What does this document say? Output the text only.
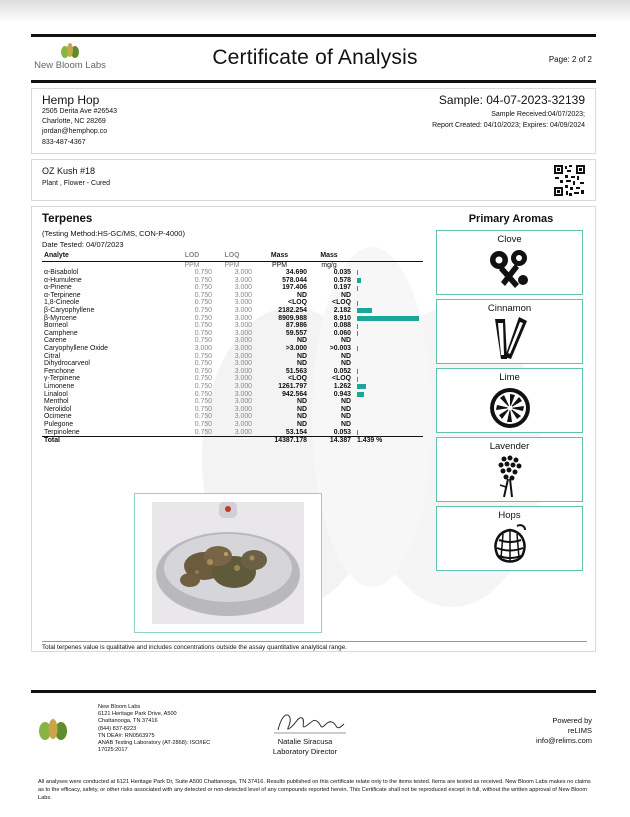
New Bloom Labs	Certificate of Analysis	Page: 2 of 2
Hemp Hop
2505 Derita Ave #26543
Charlotte, NC 28269
jordan@hemphop.co
833-487-4367
Sample: 04-07-2023-32139
Sample Received:04/07/2023;
Report Created: 04/10/2023; Expires: 04/09/2024
OZ Kush #18
Plant , Flower - Cured
Terpenes
(Testing Method:HS-GC/MS, CON-P-4000)
Date Tested: 04/07/2023
Analyte	LOD	LOQ	Mass	Mass	
	PPM	PPM	PPM	mg/g	
α-Bisabolol	0.750	3.000	34.690	0.035	

α-Humulene	0.750	3.000	578.044	0.578	

α-Pinene	0.750	3.000	197.406	0.197	

α-Terpinene	0.750	3.000	ND	ND	

1,8-Cineole	0.750	3.000	<LOQ	<LOQ	

β-Caryophyllene	0.750	3.000	2182.254	2.182	

β-Myrcene	0.750	3.000	8909.988	8.910	

Borneol	0.750	3.000	87.986	0.088	

Camphene	0.750	3.000	59.557	0.060	

Carene	0.750	3.000	ND	ND	

Caryophyllene Oxide	3.000	3.000	>3.000	>0.003	

Citral	0.750	3.000	ND	ND	

Dihydrocarveol	0.750	3.000	ND	ND	

Fenchone	0.750	3.000	51.563	0.052	

γ-Terpinene	0.750	3.000	<LOQ	<LOQ	

Limonene	0.750	3.000	1261.797	1.262	

Linalool	0.750	3.000	942.564	0.943	

Menthol	0.750	3.000	ND	ND	

Nerolidol	0.750	3.000	ND	ND	

Ocimene	0.750	3.000	ND	ND	

Pulegone	0.750	3.000	ND	ND	

Terpinolene	0.750	3.000	53.154	0.053	

Total			14387.178	14.387	1.439 %
Total terpenes value is qualitative and includes concentrations outside the assay quantitative analytical range.
Primary Aromas
Clove
Cinnamon
Lime
Lavender
Hops
New Bloom Labs
6121 Heritage Park Drive, A500
Chattanooga, TN 37416
(844) 837-8223
TN DEA#: RN0563975
ANAB Testing Laboratory (AT-2868): ISO/IEC
17025:2017
Natalie Siracusa
Laboratory Director
Powered by
reLIMS
info@relims.com
All analyses were conducted at 6121 Heritage Park Dr, Suite A500 Chattanooga, TN 37416. Results published on this certificate relate only to the items tested. Items are tested as received. New Bloom Labs makes no claims as to the efficacy, safety, or other risks associated with any detected or non-detected level of any compounds reported herein. This Certificate shall not be reproduced except in full, without the written approval of New Bloom Labs.
